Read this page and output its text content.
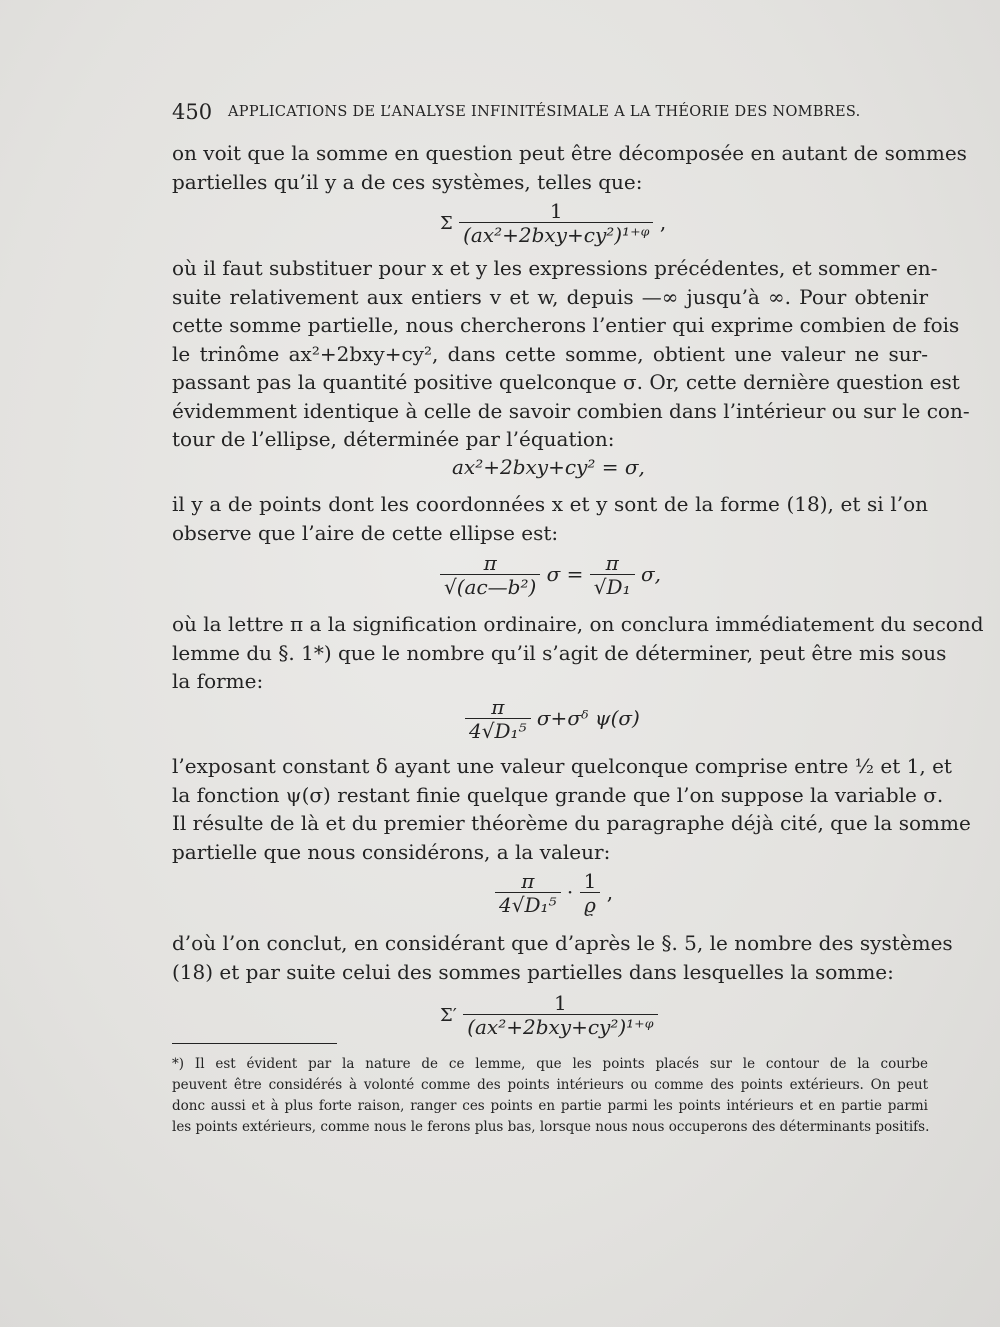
450 APPLICATIONS DE L’ANALYSE INFINITÉSIMALE A LA THÉORIE DES NOMBRES.
on voit que la somme en question peut être décomposée en autant de sommes
partielles qu’il y a de ces systèmes, telles que:
Σ $\frac{1}{\text{(ax²+2bxy+cy²)¹⁺ᵠ}}$ ,
où il faut substituer pour x et y les expressions précédentes, et sommer en-
suite relativement aux entiers v et w, depuis —∞ jusqu’à ∞. Pour obtenir
cette somme partielle, nous chercherons l’entier qui exprime combien de fois
le trinôme ax²+2bxy+cy², dans cette somme, obtient une valeur ne sur-
passant pas la quantité positive quelconque σ. Or, cette dernière question est
évidemment identique à celle de savoir combien dans l’intérieur ou sur le con-
tour de l’ellipse, déterminée par l’équation:
ax²+2bxy+cy² = σ,
il y a de points dont les coordonnées x et y sont de la forme (18), et si l’on
observe que l’aire de cette ellipse est:
$\frac{\pi}{\text{√(ac—b²)}}$ $\sigma = \frac{\pi}{\text{√D₁}} \sigma$,
où la lettre π a la signification ordinaire, on conclura immédiatement du second
lemme du §. 1*) que le nombre qu’il s’agit de déterminer, peut être mis sous
la forme:
$\frac{\pi}{\text{4√D₁⁵}}$ σ+σᵟ ψ(σ)
l’exposant constant δ ayant une valeur quelconque comprise entre ½ et 1, et
la fonction ψ(σ) restant finie quelque grande que l’on suppose la variable σ.
Il résulte de là et du premier théorème du paragraphe déjà cité, que la somme
partielle que nous considérons, a la valeur:
$\frac{\pi}{\text{4√D₁⁵}} \cdot \frac{1}{ϱ}$ ,
d’où l’on conclut, en considérant que d’après le §. 5, le nombre des systèmes
(18) et par suite celui des sommes partielles dans lesquelles la somme:
$\Sigma' \frac{1}{\text{(ax²+2bxy+cy²)¹⁺ᵠ}}$
*) Il est évident par la nature de ce lemme, que les points placés sur le contour de la courbe
peuvent être considérés à volonté comme des points intérieurs ou comme des points extérieurs. On peut
donc aussi et à plus forte raison, ranger ces points en partie parmi les points intérieurs et en partie parmi
les points extérieurs, comme nous le ferons plus bas, lorsque nous nous occuperons des déterminants positifs.
